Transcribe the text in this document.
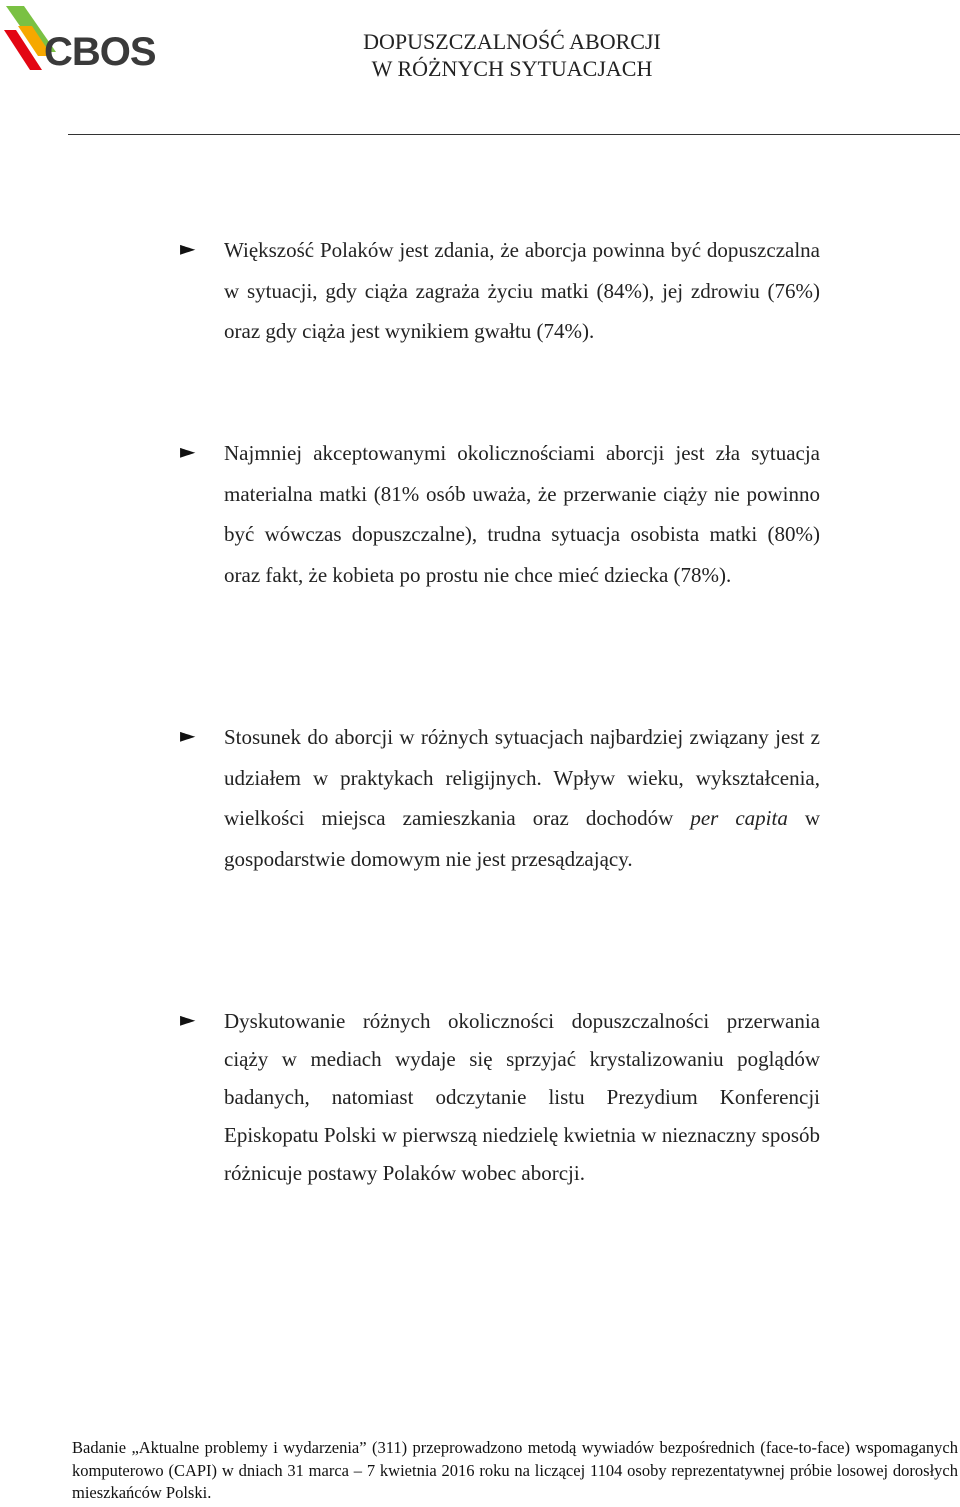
CBOS	DOPUSZCZALNOŚĆ ABORCJI
W RÓŻNYCH SYTUACJACH
► Większość Polaków jest zdania, że aborcja powinna być dopuszczalna w sytuacji, gdy ciąża zagraża życiu matki (84%), jej zdrowiu (76%) oraz gdy ciąża jest wynikiem gwałtu (74%).
► Najmniej akceptowanymi okolicznościami aborcji jest zła sytuacja materialna matki (81% osób uważa, że przerwanie ciąży nie powinno być wówczas dopuszczalne), trudna sytuacja osobista matki (80%) oraz fakt, że kobieta po prostu nie chce mieć dziecka (78%).
► Stosunek do aborcji w różnych sytuacjach najbardziej związany jest z udziałem w praktykach religijnych. Wpływ wieku, wykształcenia, wielkości miejsca zamieszkania oraz dochodów per capita w gospodarstwie domowym nie jest przesądzający.
► Dyskutowanie różnych okoliczności dopuszczalności przerwania ciąży w mediach wydaje się sprzyjać krystalizowaniu poglądów badanych, natomiast odczytanie listu Prezydium Konferencji Episkopatu Polski w pierwszą niedzielę kwietnia w nieznaczny sposób różnicuje postawy Polaków wobec aborcji.
Badanie „Aktualne problemy i wydarzenia” (311) przeprowadzono metodą wywiadów bezpośrednich (face-to-face) wspomaganych komputerowo (CAPI) w dniach 31 marca – 7 kwietnia 2016 roku na liczącej 1104 osoby reprezentatywnej próbie losowej dorosłych mieszkańców Polski.
